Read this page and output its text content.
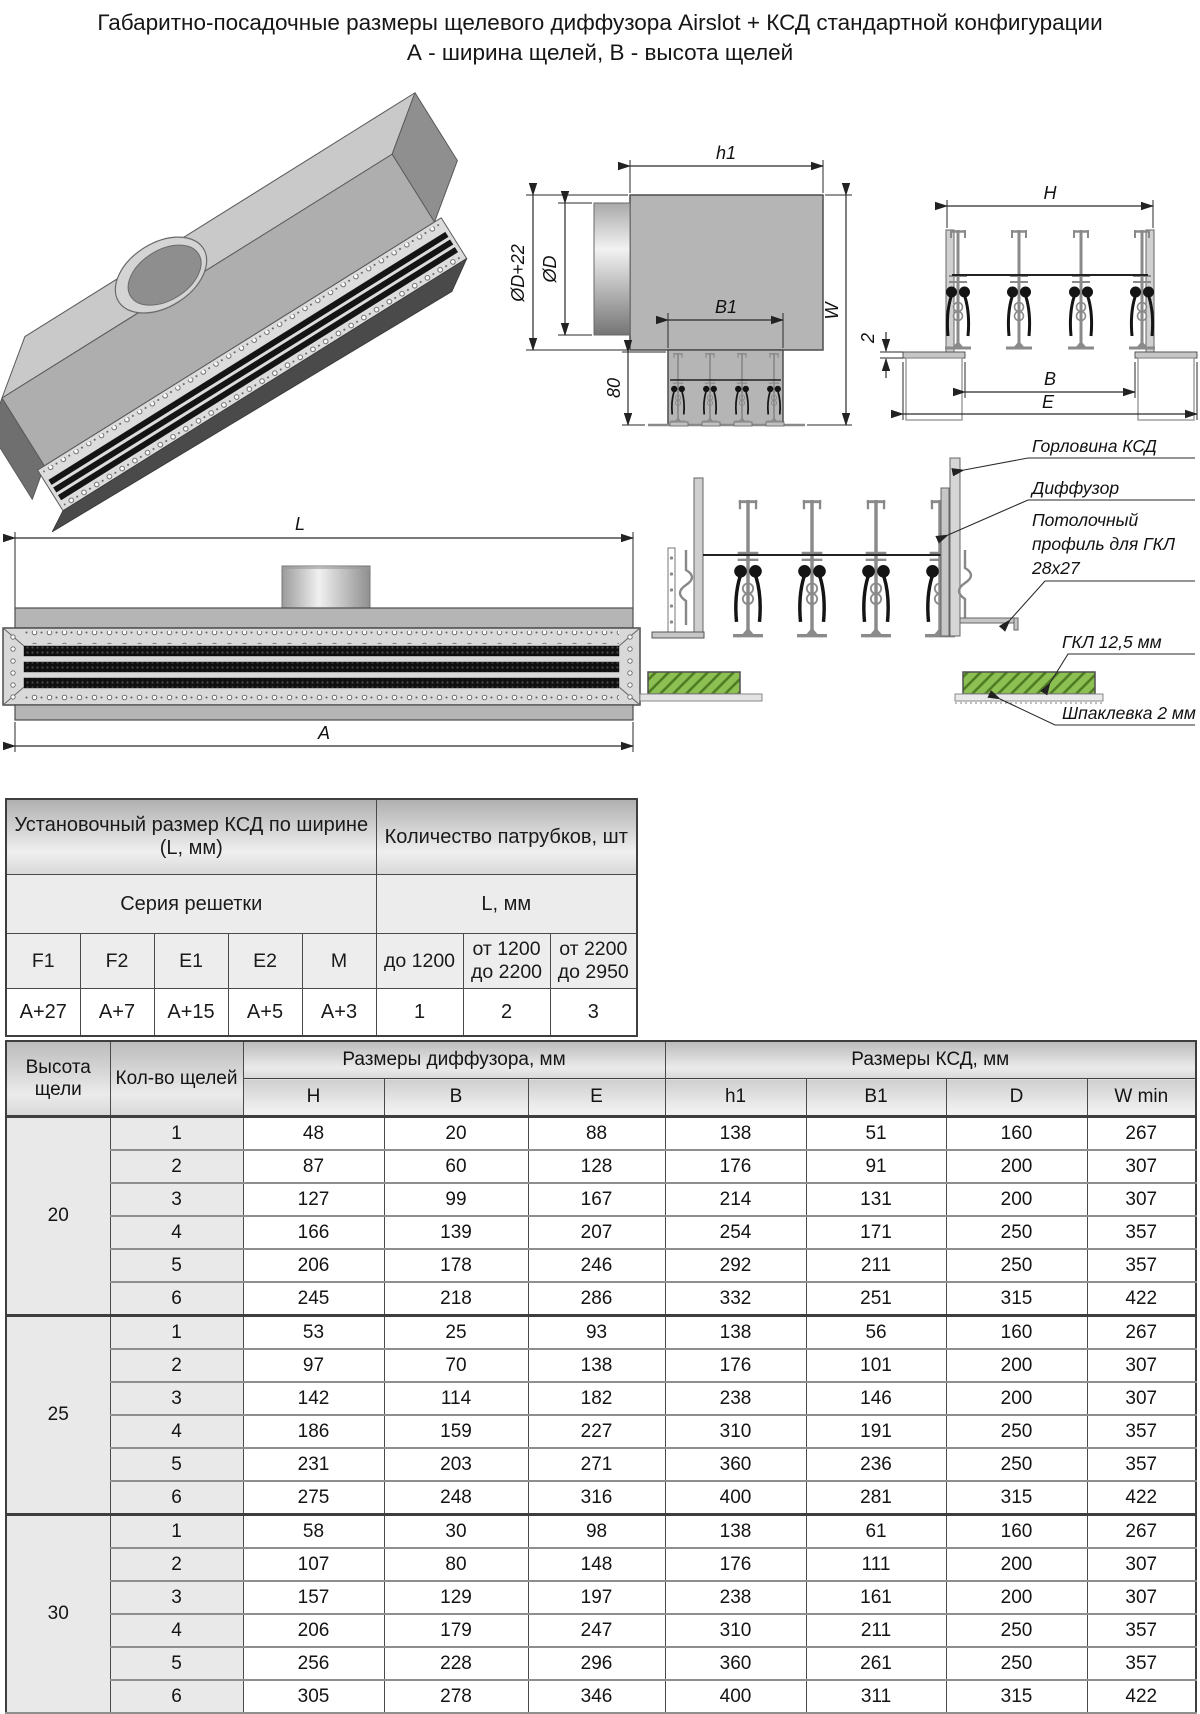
Габаритно-посадочные размеры щелевого диффузора Airslot + КСД стандартной конфигурации
А - ширина щелей, В - высота щелей
h1
ØD+22 ØD
B1
80
W
H
2
B
E
L
A
Горловина КСД
Диффузор
Потолочный
профиль для ГКЛ
28х27
ГКЛ 12,5 мм
Шпаклевка 2 мм
Установочный размер КСД по ширине (L, мм)					Количество патрубков, шт		
Серия решетки					L, мм		
F1	F2	E1	E2	M	до 1200	от 1200 до 2200	от 2200 до 2950
A+27	A+7	A+15	A+5	A+3	1	2	3
Высота щели	Кол-во щелей	Размеры диффузора, мм			Размеры КСД, мм			
		H	B	E	h1	B1	D	W min
20	1	48	20	88	138	51	160	267
	2	87	60	128	176	91	200	307
	3	127	99	167	214	131	200	307
	4	166	139	207	254	171	250	357
	5	206	178	246	292	211	250	357
	6	245	218	286	332	251	315	422
25	1	53	25	93	138	56	160	267
	2	97	70	138	176	101	200	307
	3	142	114	182	238	146	200	307
	4	186	159	227	310	191	250	357
	5	231	203	271	360	236	250	357
	6	275	248	316	400	281	315	422
30	1	58	30	98	138	61	160	267
	2	107	80	148	176	111	200	307
	3	157	129	197	238	161	200	307
	4	206	179	247	310	211	250	357
	5	256	228	296	360	261	250	357
	6	305	278	346	400	311	315	422
